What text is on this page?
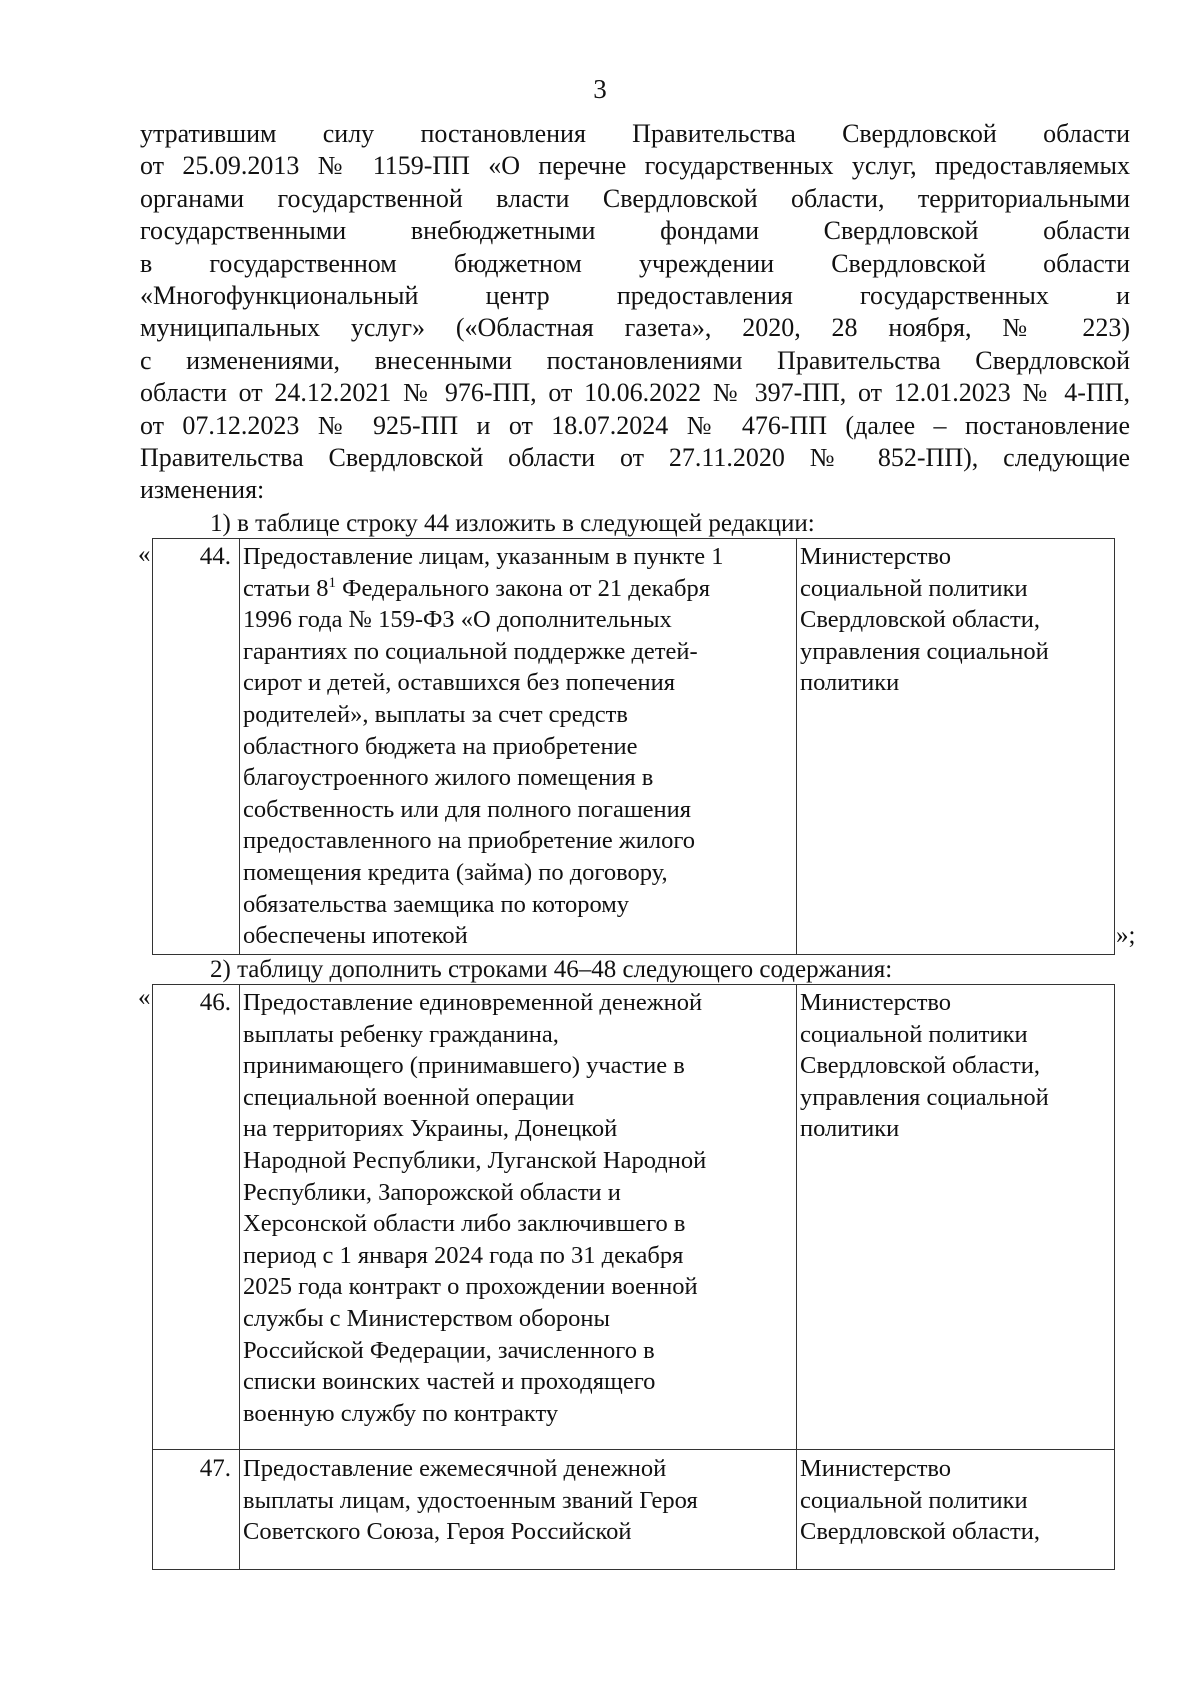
3
утратившим силу постановления Правительства Свердловской области
от 25.09.2013 № 1159-ПП «О перечне государственных услуг, предоставляемых
органами государственной власти Свердловской области, территориальными
государственными внебюджетными фондами Свердловской области
в государственном бюджетном учреждении Свердловской области
«Многофункциональный центр предоставления государственных и
муниципальных услуг» («Областная газета», 2020, 28 ноября, № 223)
с изменениями, внесенными постановлениями Правительства Свердловской
области от 24.12.2021 № 976-ПП, от 10.06.2022 № 397-ПП, от 12.01.2023 № 4-ПП,
от 07.12.2023 № 925-ПП и от 18.07.2024 № 476-ПП (далее – постановление
Правительства Свердловской области от 27.11.2020 № 852-ПП), следующие
изменения:
1) в таблице строку 44 изложить в следующей редакции:
«	44. Предоставление лицам, указанным в пункте 1
статьи $8^1$ Федерального закона от 21 декабря
1996 года № 159-ФЗ «О дополнительных
гарантиях по социальной поддержке детей-
сирот и детей, оставшихся без попечения
родителей», выплаты за счет средств
областного бюджета на приобретение
благоустроенного жилого помещения в
собственность или для полного погашения
предоставленного на приобретение жилого
помещения кредита (займа) по договору,
обязательства заемщика по которому
обеспечены ипотекой
Министерство
социальной политики
Свердловской области,
управления социальной
политики
»;
2) таблицу дополнить строками 46–48 следующего содержания:
«	46. Предоставление единовременной денежной
выплаты ребенку гражданина,
принимающего (принимавшего) участие в
специальной военной операции
на территориях Украины, Донецкой
Народной Республики, Луганской Народной
Республики, Запорожской области и
Херсонской области либо заключившего в
период с 1 января 2024 года по 31 декабря
2025 года контракт о прохождении военной
службы с Министерством обороны
Российской Федерации, зачисленного в
списки воинских частей и проходящего
военную службу по контракту
Министерство
социальной политики
Свердловской области,
управления социальной
политики
47. Предоставление ежемесячной денежной
выплаты лицам, удостоенным званий Героя
Советского Союза, Героя Российской
Министерство
социальной политики
Свердловской области,
